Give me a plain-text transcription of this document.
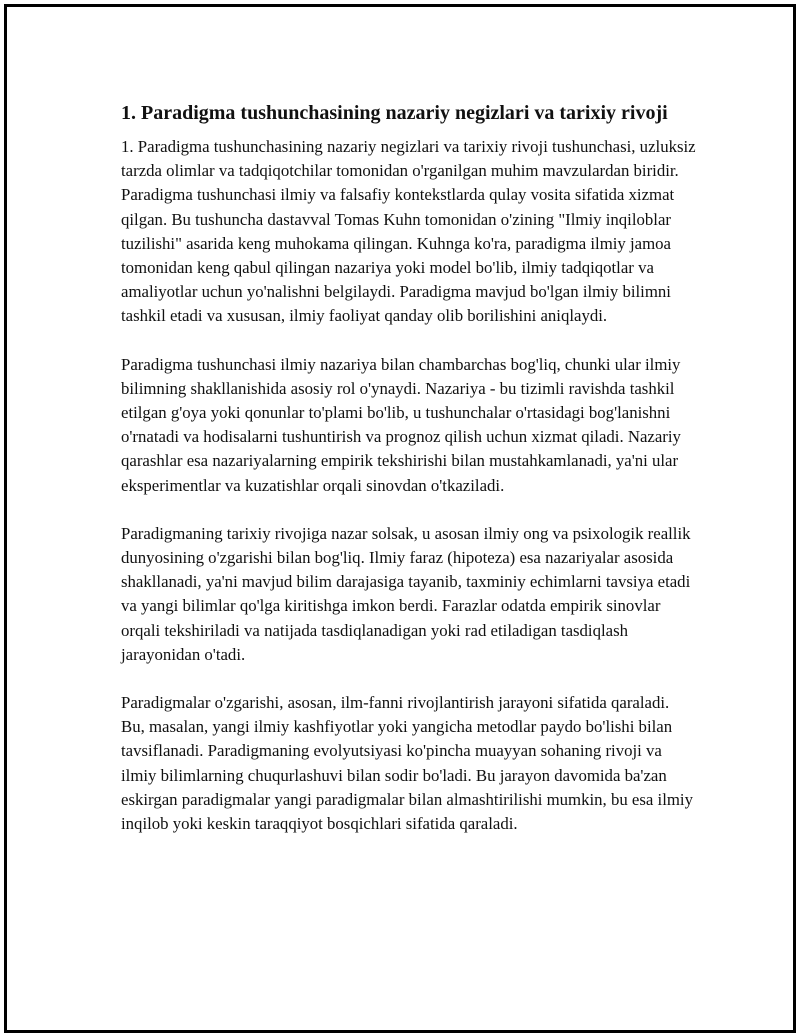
1. Paradigma tushunchasining nazariy negizlari va tarixiy rivoji

1. Paradigma tushunchasining nazariy negizlari va tarixiy rivoji tushunchasi, uzluksiz tarzda olimlar va tadqiqotchilar tomonidan o'rganilgan muhim mavzulardan biridir. Paradigma tushunchasi ilmiy va falsafiy kontekstlarda qulay vosita sifatida xizmat qilgan. Bu tushuncha dastavval Tomas Kuhn tomonidan o'zining "Ilmiy inqiloblar tuzilishi" asarida keng muhokama qilingan. Kuhnga ko'ra, paradigma ilmiy jamoa tomonidan keng qabul qilingan nazariya yoki model bo'lib, ilmiy tadqiqotlar va amaliyotlar uchun yo'nalishni belgilaydi. Paradigma mavjud bo'lgan ilmiy bilimni tashkil etadi va xususan, ilmiy faoliyat qanday olib borilishini aniqlaydi.

Paradigma tushunchasi ilmiy nazariya bilan chambarchas bog'liq, chunki ular ilmiy bilimning shakllanishida asosiy rol o'ynaydi. Nazariya - bu tizimli ravishda tashkil etilgan g'oya yoki qonunlar to'plami bo'lib, u tushunchalar o'rtasidagi bog'lanishni o'rnatadi va hodisalarni tushuntirish va prognoz qilish uchun xizmat qiladi. Nazariy qarashlar esa nazariyalarning empirik tekshirishi bilan mustahkamlanadi, ya'ni ular eksperimentlar va kuzatishlar orqali sinovdan o'tkaziladi.

Paradigmaning tarixiy rivojiga nazar solsak, u asosan ilmiy ong va psixologik reallik dunyosining o'zgarishi bilan bog'liq. Ilmiy faraz (hipoteza) esa nazariyalar asosida shakllanadi, ya'ni mavjud bilim darajasiga tayanib, taxminiy echimlarni tavsiya etadi va yangi bilimlar qo'lga kiritishga imkon berdi. Farazlar odatda empirik sinovlar orqali tekshiriladi va natijada tasdiqlanadigan yoki rad etiladigan tasdiqlash jarayonidan o'tadi.

Paradigmalar o'zgarishi, asosan, ilm-fanni rivojlantirish jarayoni sifatida qaraladi. Bu, masalan, yangi ilmiy kashfiyotlar yoki yangicha metodlar paydo bo'lishi bilan tavsiflanadi. Paradigmaning evolyutsiyasi ko'pincha muayyan sohaning rivoji va ilmiy bilimlarning chuqurlashuvi bilan sodir bo'ladi. Bu jarayon davomida ba'zan eskirgan paradigmalar yangi paradigmalar bilan almashtirilishi mumkin, bu esa ilmiy inqilob yoki keskin taraqqiyot bosqichlari sifatida qaraladi.
